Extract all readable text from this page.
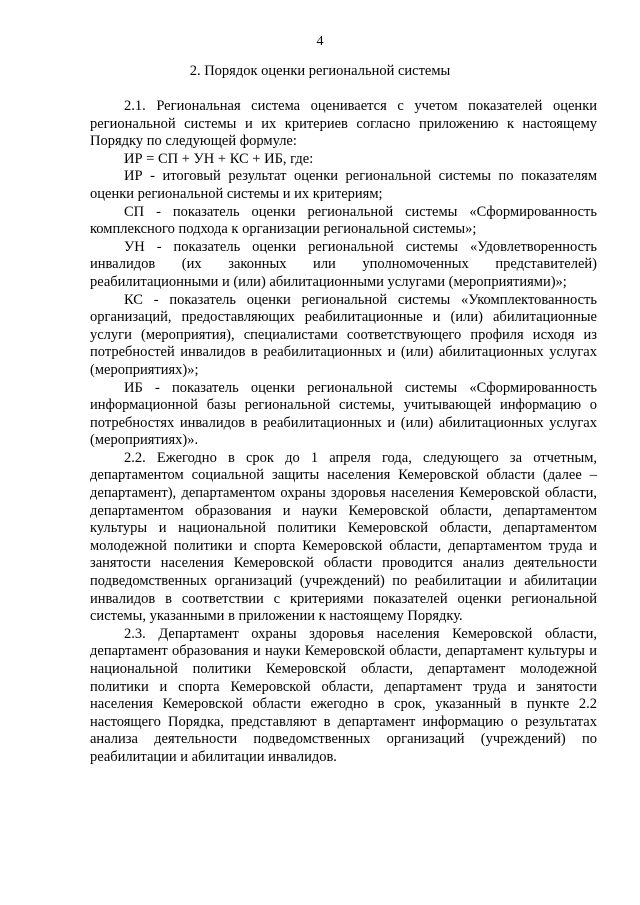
4
2. Порядок оценки региональной системы

2.1. Региональная система оценивается с учетом показателей оценки региональной системы и их критериев согласно приложению к настоящему Порядку по следующей формуле:

ИР = СП + УН + КС + ИБ, где:

ИР - итоговый результат оценки региональной системы по показателям оценки региональной системы и их критериям;

СП - показатель оценки региональной системы «Сформированность комплексного подхода к организации региональной системы»;

УН - показатель оценки региональной системы «Удовлетворенность инвалидов (их законных или уполномоченных представителей) реабилитационными и (или) абилитационными услугами (мероприятиями)»;

КС - показатель оценки региональной системы «Укомплектованность организаций, предоставляющих реабилитационные и (или) абилитационные услуги (мероприятия), специалистами соответствующего профиля исходя из потребностей инвалидов в реабилитационных и (или) абилитационных услугах (мероприятиях)»;

ИБ - показатель оценки региональной системы «Сформированность информационной базы региональной системы, учитывающей информацию о потребностях инвалидов в реабилитационных и (или) абилитационных услугах (мероприятиях)».

2.2. Ежегодно в срок до 1 апреля года, следующего за отчетным, департаментом социальной защиты населения Кемеровской области (далее – департамент), департаментом охраны здоровья населения Кемеровской области, департаментом образования и науки Кемеровской области, департаментом культуры и национальной политики Кемеровской области, департаментом молодежной политики и спорта Кемеровской области, департаментом труда и занятости населения Кемеровской области проводится анализ деятельности подведомственных организаций (учреждений) по реабилитации и абилитации инвалидов в соответствии с критериями показателей оценки региональной системы, указанными в приложении к настоящему Порядку.

2.3. Департамент охраны здоровья населения Кемеровской области, департамент образования и науки Кемеровской области, департамент культуры и национальной политики Кемеровской области, департамент молодежной политики и спорта Кемеровской области, департамент труда и занятости населения Кемеровской области ежегодно в срок, указанный в пункте 2.2 настоящего Порядка, представляют в департамент информацию о результатах анализа деятельности подведомственных организаций (учреждений) по реабилитации и абилитации инвалидов.
